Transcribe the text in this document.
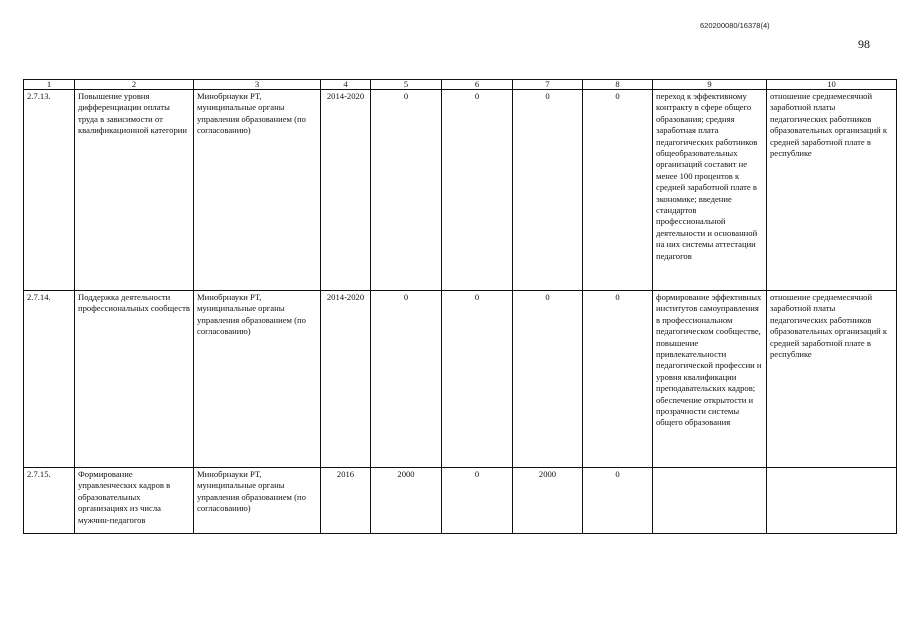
620200080/16378(4)
98
1	2	3	4	5	6	7	8	9	10
2.7.13.	Повышение уровня дифференциации оплаты труда в зависимости от квалификационной категории	Минобрнауки РТ, муниципальные органы управления образованием (по согласованию)	2014-2020	0	0	0	0	переход к эффективному контракту в сфере общего образования; средняя заработная плата педагогических работников общеобразовательных организаций составит не менее 100 процентов к средней заработной плате в экономике; введение стандартов профессиональной деятельности и основанной на них системы аттестации педагогов	отношение среднемесячной заработной платы педагогических работников образовательных организаций к средней заработной плате в республике
2.7.14.	Поддержка деятельности профессиональных сообществ	Минобрнауки РТ, муниципальные органы управления образованием (по согласованию)	2014-2020	0	0	0	0	формирование эффективных институтов самоуправления в профессиональном педагогическом сообществе, повышение привлекательности педагогической профессии и уровня квалификации преподавательских кадров; обеспечение открытости и прозрачности системы общего образования	отношение среднемесячной заработной платы педагогических работников образовательных организаций к средней заработной плате в республике
2.7.15.	Формирование управленческих кадров в образовательных организациях из числа мужчин-педагогов	Минобрнауки РТ, муниципальные органы управления образованием (по согласованию)	2016	2000	0	2000	0		
